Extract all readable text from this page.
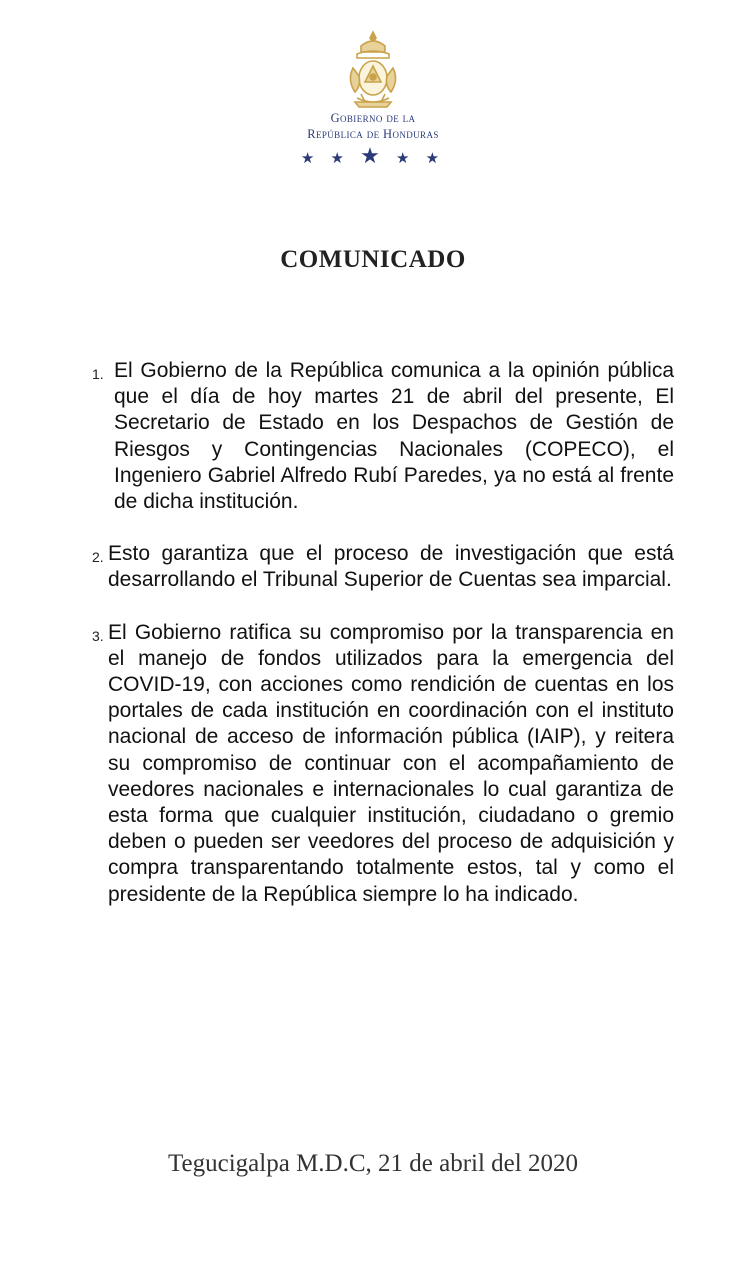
Gobierno de la
República de Honduras
★ ★ ★ ★ ★
COMUNICADO
1. El Gobierno de la República comunica a la opinión pública que el día de hoy martes 21 de abril del presente, El Secretario de Estado en los Despachos de Gestión de Riesgos y Contingencias Nacionales (COPECO), el Ingeniero Gabriel Alfredo Rubí Paredes, ya no está al frente de dicha institución.
2. Esto garantiza que el proceso de investigación que está desarrollando el Tribunal Superior de Cuentas sea imparcial.
3. El Gobierno ratifica su compromiso por la transparencia en el manejo de fondos utilizados para la emergencia del COVID-19, con acciones como rendición de cuentas en los portales de cada institución en coordinación con el instituto nacional de acceso de información pública (IAIP), y reitera su compromiso de continuar con el acompañamiento de veedores nacionales e internacionales lo cual garantiza de esta forma que cualquier institución, ciudadano o gremio deben o pueden ser veedores del proceso de adquisición y compra transparentando totalmente estos, tal y como el presidente de la República siempre lo ha indicado.
Tegucigalpa M.D.C, 21 de abril del 2020
